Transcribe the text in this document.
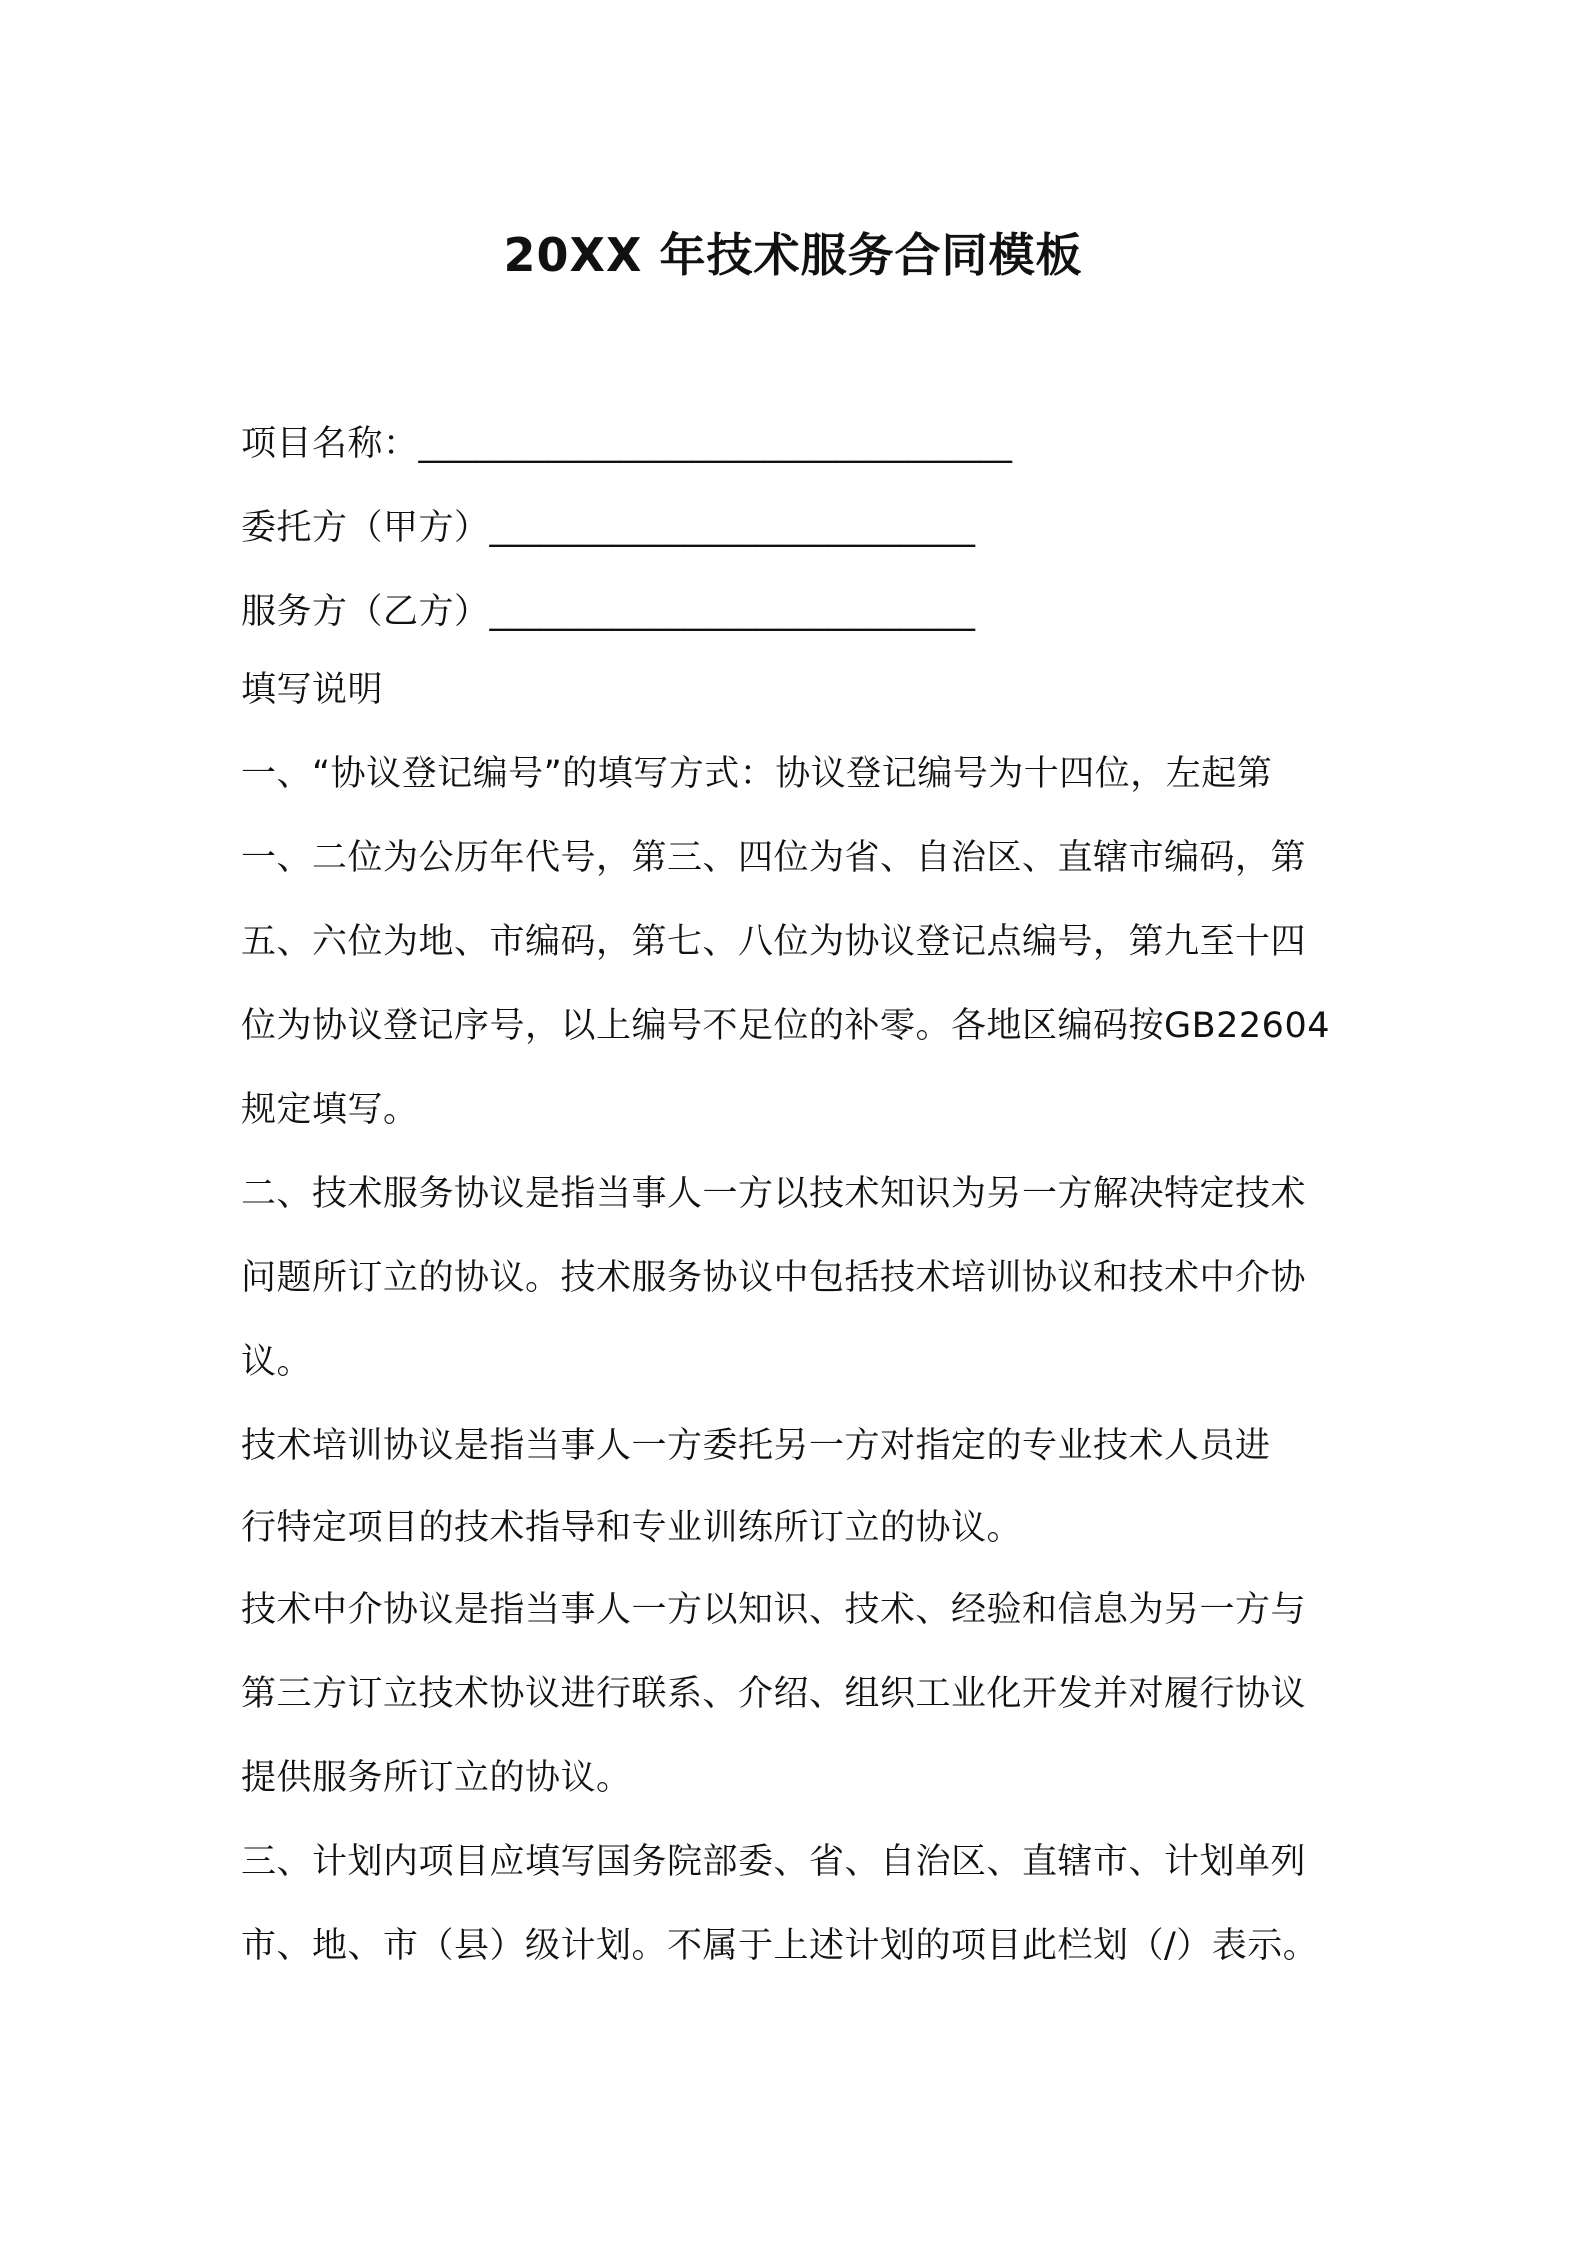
20XX 年技术服务合同模板
项目名称：_________________________________
委托方（甲方）___________________________
服务方（乙方）___________________________
填写说明
一、“协议登记编号”的填写方式：协议登记编号为十四位，左起第
一、二位为公历年代号，第三、四位为省、自治区、直辖市编码，第
五、六位为地、市编码，第七、八位为协议登记点编号，第九至十四
位为协议登记序号，以上编号不足位的补零。各地区编码按GB22604
规定填写。
二、技术服务协议是指当事人一方以技术知识为另一方解决特定技术
问题所订立的协议。技术服务协议中包括技术培训协议和技术中介协
议。
技术培训协议是指当事人一方委托另一方对指定的专业技术人员进
行特定项目的技术指导和专业训练所订立的协议。
技术中介协议是指当事人一方以知识、技术、经验和信息为另一方与
第三方订立技术协议进行联系、介绍、组织工业化开发并对履行协议
提供服务所订立的协议。
三、计划内项目应填写国务院部委、省、自治区、直辖市、计划单列
市、地、市（县）级计划。不属于上述计划的项目此栏划（/）表示。
